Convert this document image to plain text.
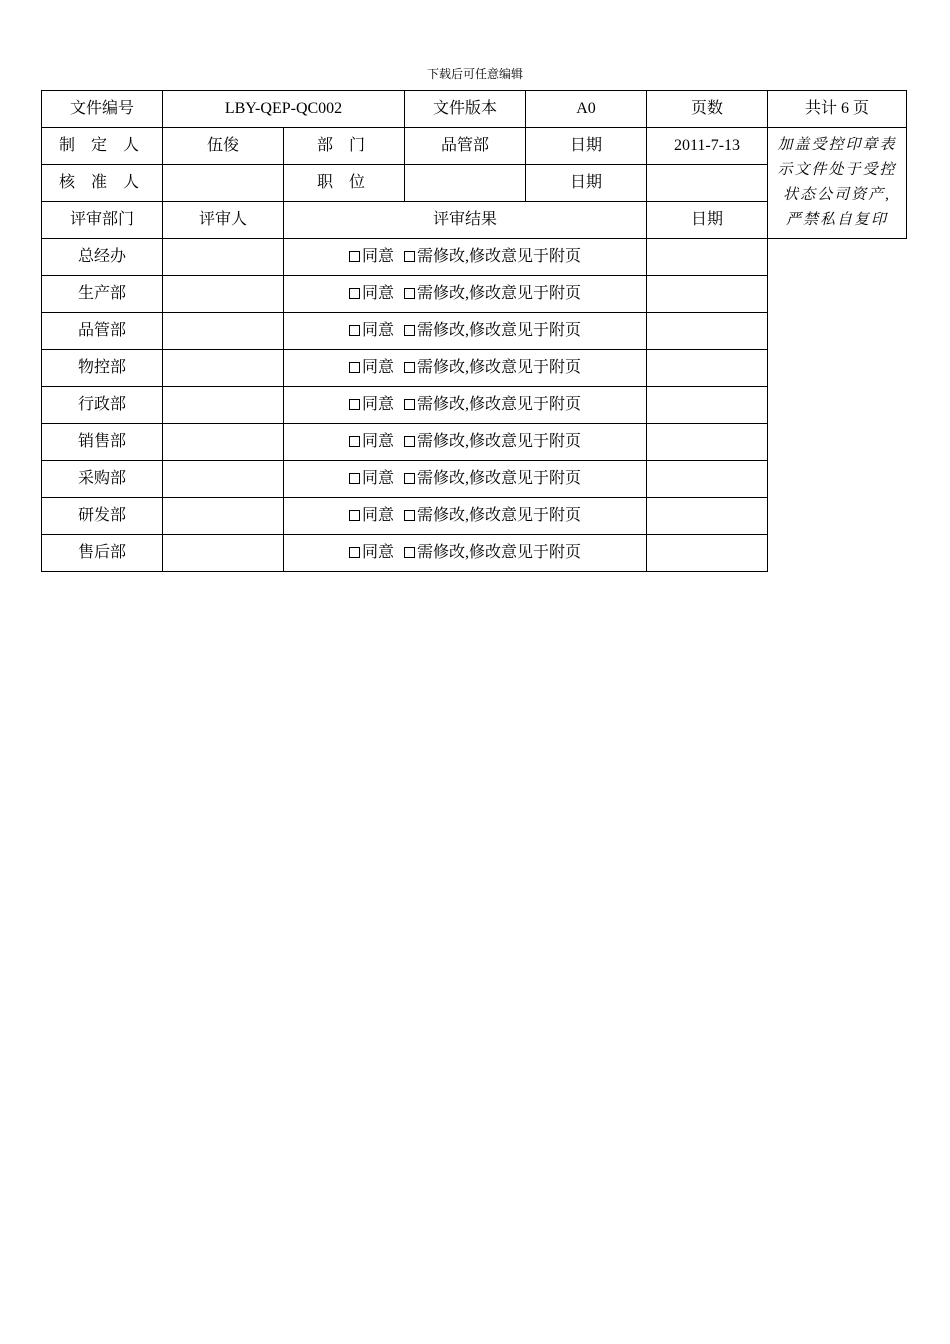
下载后可任意编辑
文件编号	LBY-QEP-QC002		文件版本	A0	页数	共计 6 页
制 定 人	伍俊	部 门	品管部	日期	2011-7-13	加盖受控印章表示文件处于受控状态公司资产,严禁私自复印
核 准 人		职 位		日期		
评审部门	评审人	评审结果			日期	
总经办		同意 需修改,修改意见于附页				
生产部		同意 需修改,修改意见于附页				
品管部		同意 需修改,修改意见于附页				
物控部		同意 需修改,修改意见于附页				
行政部		同意 需修改,修改意见于附页				
销售部		同意 需修改,修改意见于附页				
采购部		同意 需修改,修改意见于附页				
研发部		同意 需修改,修改意见于附页				
售后部		同意 需修改,修改意见于附页				
